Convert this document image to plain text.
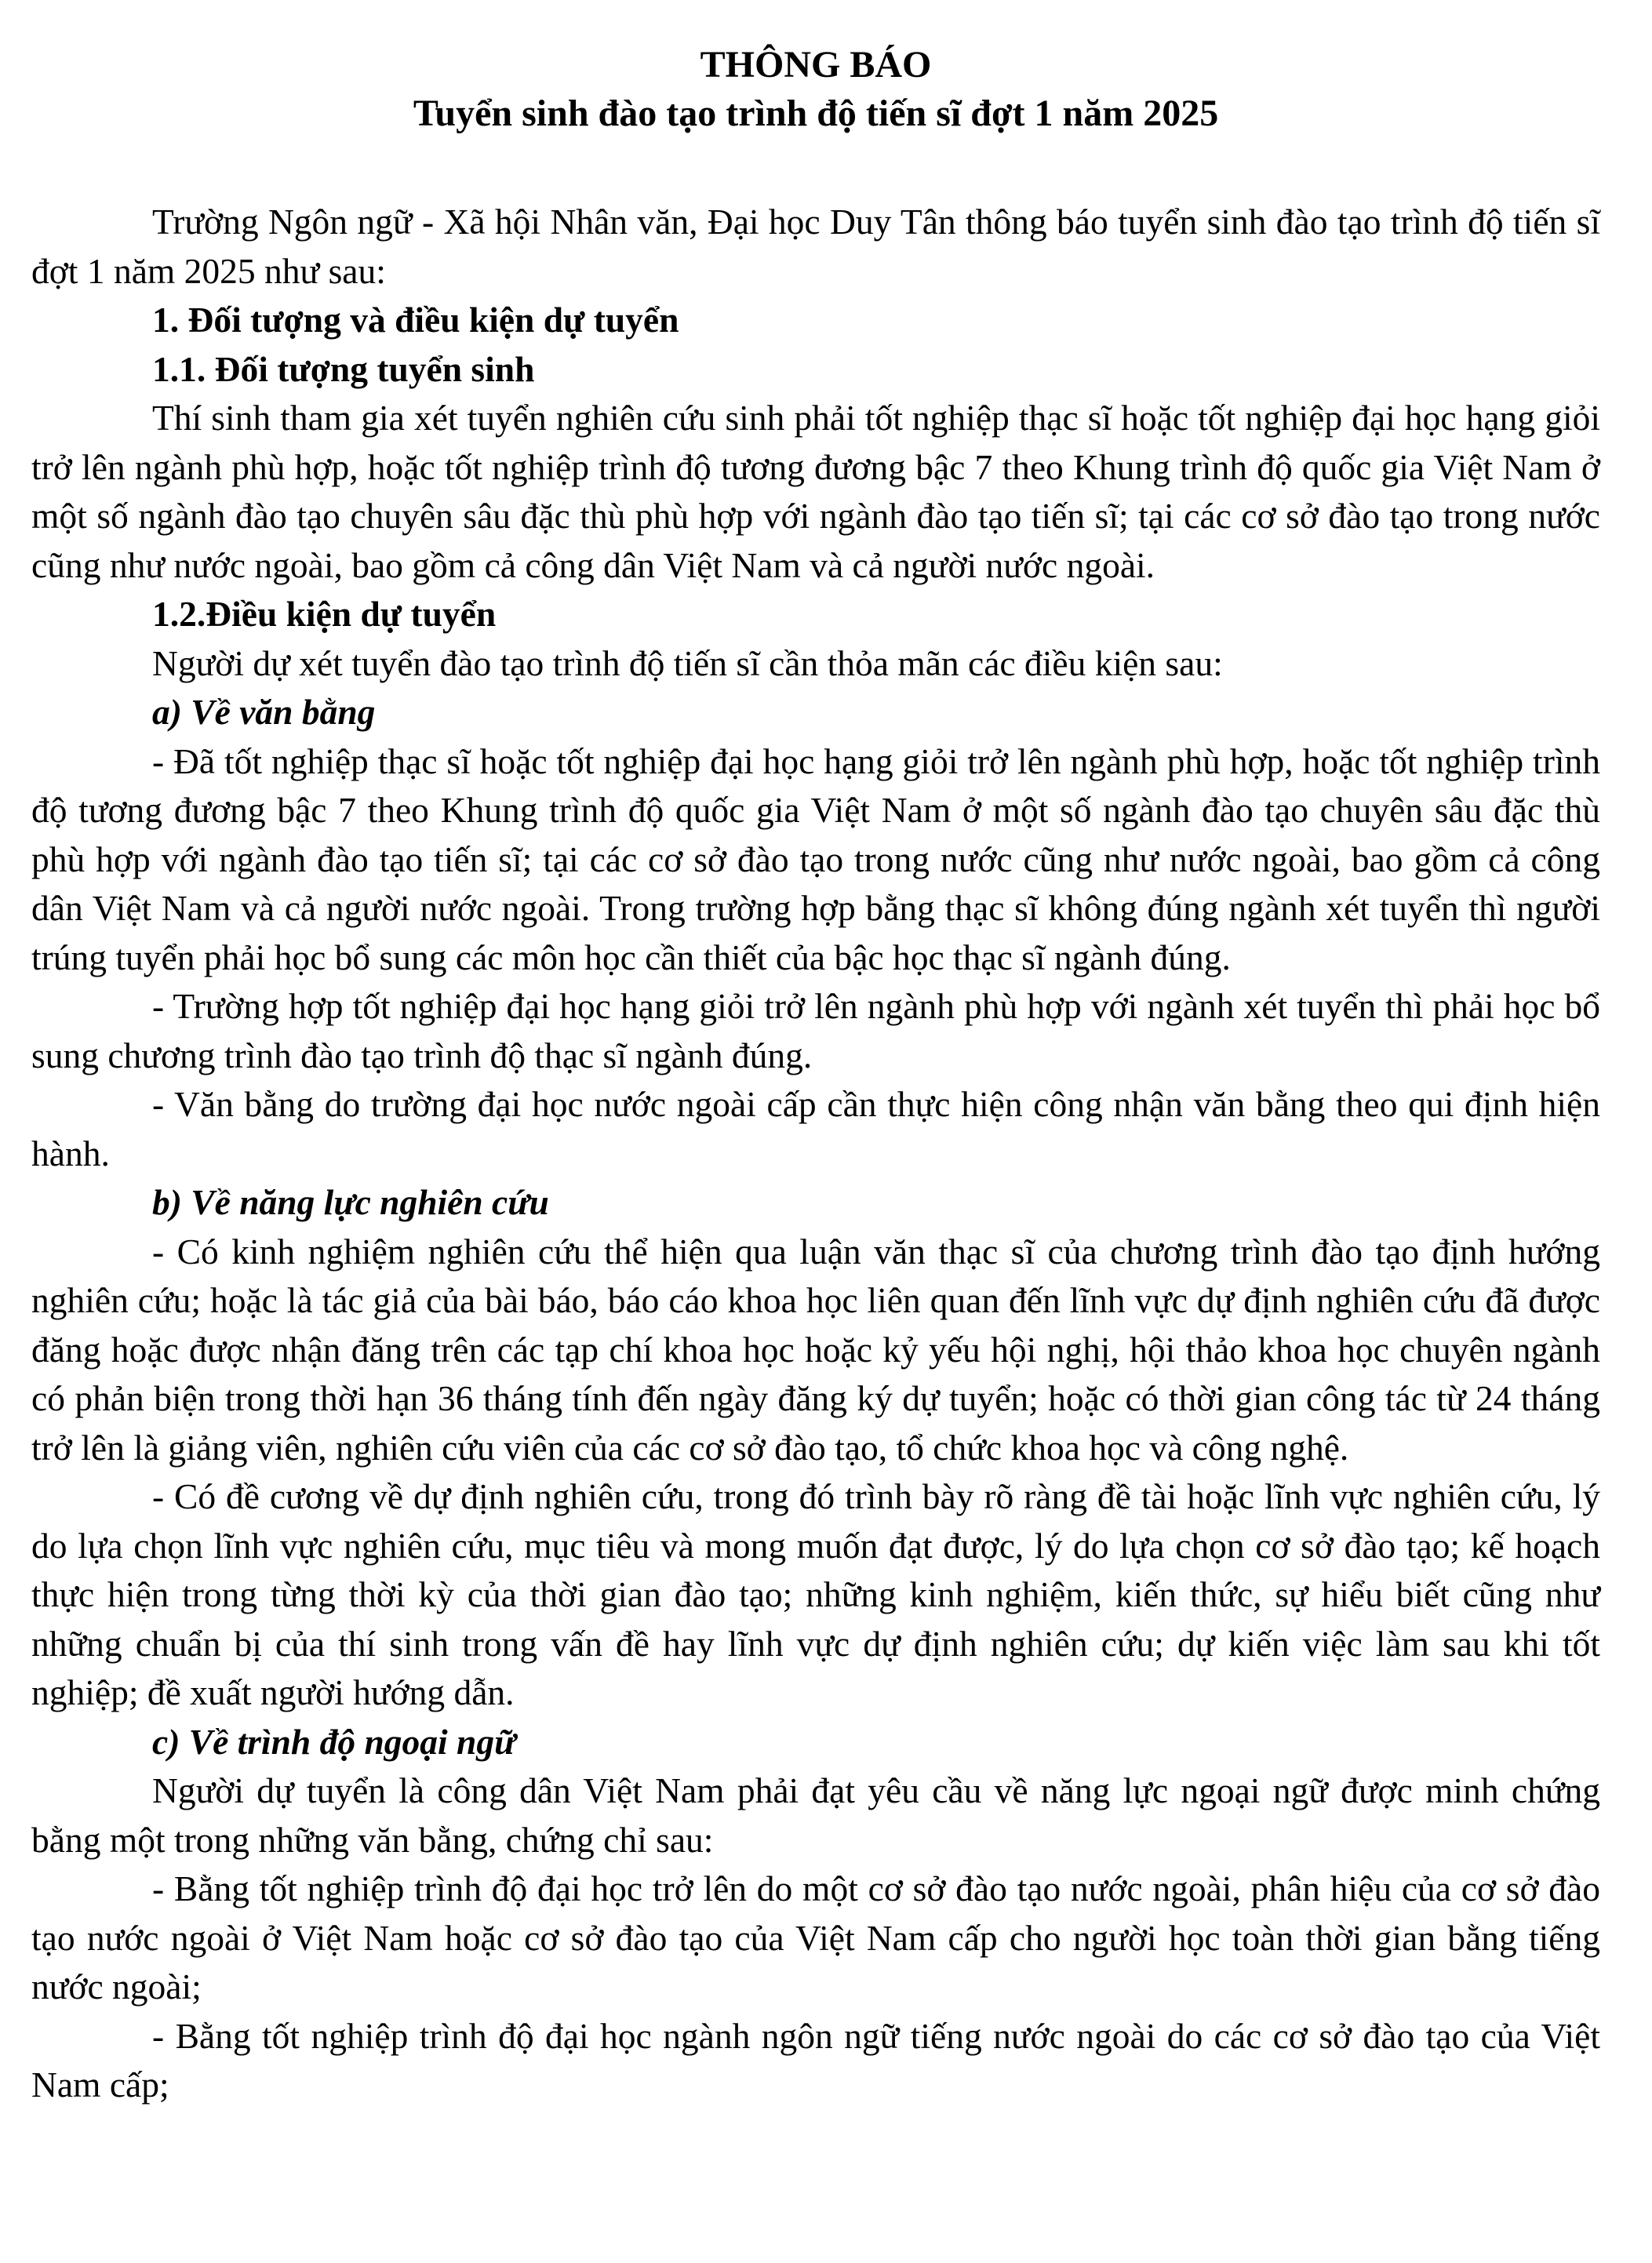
THÔNG BÁO

Tuyển sinh đào tạo trình độ tiến sĩ đợt 1 năm 2025

Trường Ngôn ngữ - Xã hội Nhân văn, Đại học Duy Tân thông báo tuyển sinh đào tạo trình độ tiến sĩ đợt 1 năm 2025 như sau:

1. Đối tượng và điều kiện dự tuyển

1.1. Đối tượng tuyển sinh

Thí sinh tham gia xét tuyển nghiên cứu sinh phải tốt nghiệp thạc sĩ hoặc tốt nghiệp đại học hạng giỏi trở lên ngành phù hợp, hoặc tốt nghiệp trình độ tương đương bậc 7 theo Khung trình độ quốc gia Việt Nam ở một số ngành đào tạo chuyên sâu đặc thù phù hợp với ngành đào tạo tiến sĩ; tại các cơ sở đào tạo trong nước cũng như nước ngoài, bao gồm cả công dân Việt Nam và cả người nước ngoài.

1.2.Điều kiện dự tuyển

Người dự xét tuyển đào tạo trình độ tiến sĩ cần thỏa mãn các điều kiện sau:

a) Về văn bằng

- Đã tốt nghiệp thạc sĩ hoặc tốt nghiệp đại học hạng giỏi trở lên ngành phù hợp, hoặc tốt nghiệp trình độ tương đương bậc 7 theo Khung trình độ quốc gia Việt Nam ở một số ngành đào tạo chuyên sâu đặc thù phù hợp với ngành đào tạo tiến sĩ; tại các cơ sở đào tạo trong nước cũng như nước ngoài, bao gồm cả công dân Việt Nam và cả người nước ngoài. Trong trường hợp bằng thạc sĩ không đúng ngành xét tuyển thì người trúng tuyển phải học bổ sung các môn học cần thiết của bậc học thạc sĩ ngành đúng.

- Trường hợp tốt nghiệp đại học hạng giỏi trở lên ngành phù hợp với ngành xét tuyển thì phải học bổ sung chương trình đào tạo trình độ thạc sĩ ngành đúng.

- Văn bằng do trường đại học nước ngoài cấp cần thực hiện công nhận văn bằng theo qui định hiện hành.

b) Về năng lực nghiên cứu

- Có kinh nghiệm nghiên cứu thể hiện qua luận văn thạc sĩ của chương trình đào tạo định hướng nghiên cứu; hoặc là tác giả của bài báo, báo cáo khoa học liên quan đến lĩnh vực dự định nghiên cứu đã được đăng hoặc được nhận đăng trên các tạp chí khoa học hoặc kỷ yếu hội nghị, hội thảo khoa học chuyên ngành có phản biện trong thời hạn 36 tháng tính đến ngày đăng ký dự tuyển; hoặc có thời gian công tác từ 24 tháng trở lên là giảng viên, nghiên cứu viên của các cơ sở đào tạo, tổ chức khoa học và công nghệ.

- Có đề cương về dự định nghiên cứu, trong đó trình bày rõ ràng đề tài hoặc lĩnh vực nghiên cứu, lý do lựa chọn lĩnh vực nghiên cứu, mục tiêu và mong muốn đạt được, lý do lựa chọn cơ sở đào tạo; kế hoạch thực hiện trong từng thời kỳ của thời gian đào tạo; những kinh nghiệm, kiến thức, sự hiểu biết cũng như những chuẩn bị của thí sinh trong vấn đề hay lĩnh vực dự định nghiên cứu; dự kiến việc làm sau khi tốt nghiệp; đề xuất người hướng dẫn.

c) Về trình độ ngoại ngữ

Người dự tuyển là công dân Việt Nam phải đạt yêu cầu về năng lực ngoại ngữ được minh chứng bằng một trong những văn bằng, chứng chỉ sau:

- Bằng tốt nghiệp trình độ đại học trở lên do một cơ sở đào tạo nước ngoài, phân hiệu của cơ sở đào tạo nước ngoài ở Việt Nam hoặc cơ sở đào tạo của Việt Nam cấp cho người học toàn thời gian bằng tiếng nước ngoài;

- Bằng tốt nghiệp trình độ đại học ngành ngôn ngữ tiếng nước ngoài do các cơ sở đào tạo của Việt Nam cấp;
